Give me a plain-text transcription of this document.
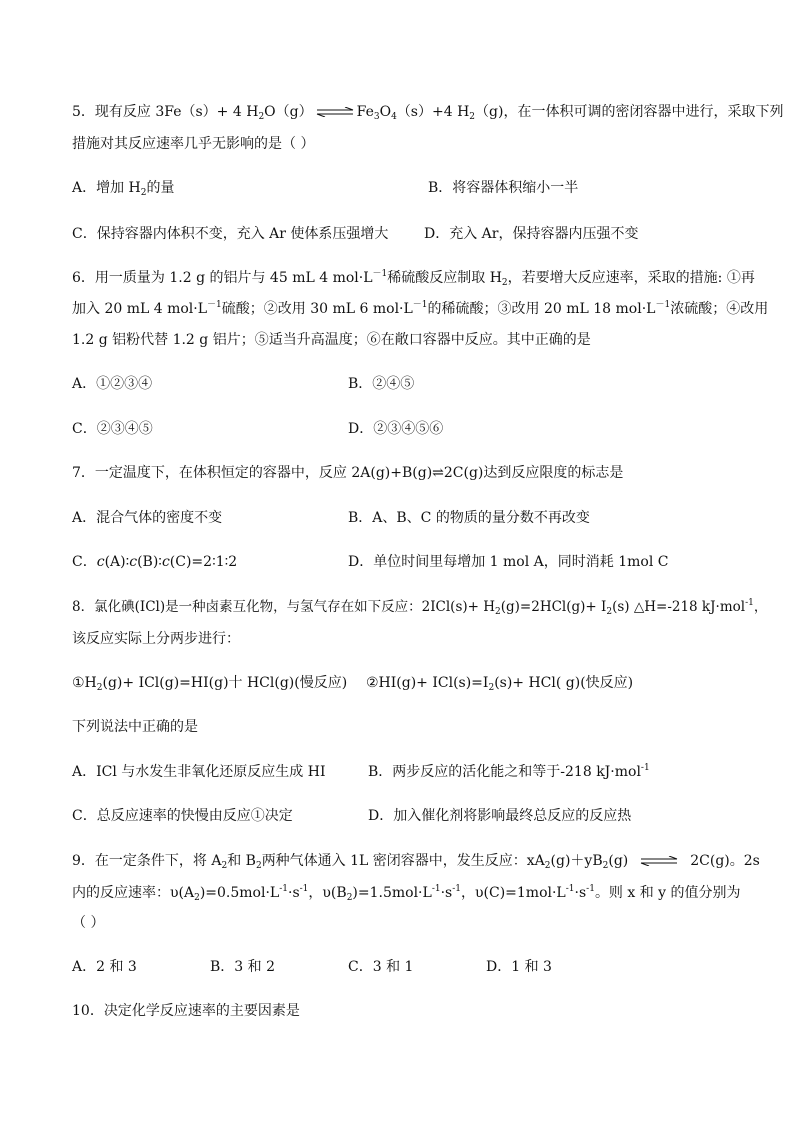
5．现有反应 3Fe（s）+ 4 $H_2O(g)$ ⇌ $Fe_3O_4(s)+4$ $H_2(g)$，在一体积可调的密闭容器中进行，采取下列
措施对其反应速率几乎无影响的是（ ）
A．增加 $H_2$的量	B．将容器体积缩小一半
C．保持容器内体积不变，充入 Ar 使体系压强增大	D．充入 Ar，保持容器内压强不变
6．用一质量为 1.2 g 的铝片与 45 mL 4 $mol\cdot L^{-1}$稀硫酸反应制取 $H_2$，若要增大反应速率，采取的措施: ①再
加入 20 mL 4 $mol\cdot L^{-1}$硫酸；②改用 30 mL 6 $mol\cdot L^{-1}$的稀硫酸；③改用 20 mL 18 $mol\cdot L^{-1}$浓硫酸；④改用
1.2 g 铝粉代替 1.2 g 铝片；⑤适当升高温度；⑥在敞口容器中反应。其中正确的是
A．①②③④	B．②④⑤
C．②③④⑤	D．②③④⑤⑥
7．一定温度下，在体积恒定的容器中，反应 2A(g)+B(g)⇌2C(g)达到反应限度的标志是
A．混合气体的密度不变	B．A、B、C 的物质的量分数不再改变
C．c(A)∶c(B)∶c(C)=2∶1∶2	D．单位时间里每增加 1 mol A，同时消耗 1mol C
8．氯化碘(ICl)是一种卤素互化物，与氢气存在如下反应：$2ICl(s)+ H_2(g)=2HCl(g)+ I_2(s)$ △H=-218 kJ·mol$^{-1}$，
该反应实际上分两步进行：
$①H_2(g)+ ICl(g)=HI(g)$十 HCl(g)(慢反应) ②HI(g)+ $ICl(s)=I_2(s)+ HCl$( g)(快反应)
下列说法中正确的是
A．ICl 与水发生非氧化还原反应生成 HI	B．两步反应的活化能之和等于-218 kJ·mol$^{-1}$
C．总反应速率的快慢由反应①决定	D．加入催化剂将影响最终总反应的反应热
9．在一定条件下，将 $A_2$和 $B_2$两种气体通入 1L 密闭容器中，发生反应：$xA_2(g)+yB_2(g)$	2C(g)。2s
内的反应速率：$\upsilon(A_2)=0.5mol\cdot L^{-1}\cdot s^{-1}$，$\upsilon(B_2)=1.5mol\cdot L^{-1}\cdot s^{-1}$，$\upsilon(C)=1mol\cdot L^{-1}\cdot s^{-1}$。则 x 和 y 的值分别为
（ ）
A．2 和 3	B．3 和 2	C．3 和 1	D．1 和 3
10．决定化学反应速率的主要因素是
